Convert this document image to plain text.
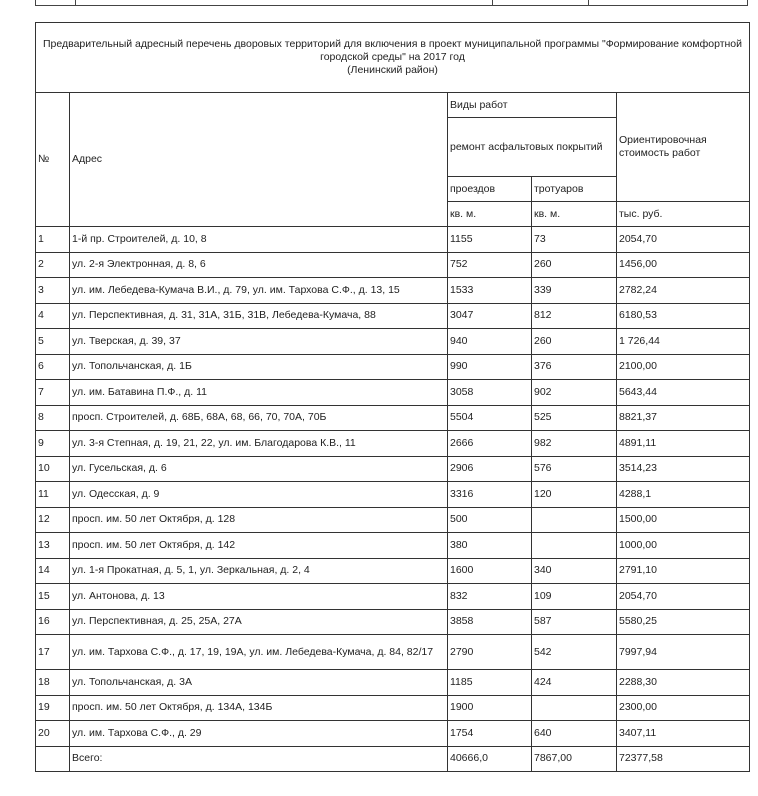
Предварительный адресный перечень дворовых территорий для включения в проект муниципальной программы "Формирование комфортной городской среды" на 2017 год
(Ленинский район)				

№	Адрес	Виды работ		Ориентировочная стоимость работ
		ремонт асфальтовых покрытий		
		проездов	тротуаров	
		кв. м.	кв. м.	тыс. руб.
1	1-й пр. Строителей, д. 10, 8	1155	73	2054,70
2	ул. 2-я Электронная, д. 8, 6	752	260	1456,00
3	ул. им. Лебедева-Кумача В.И., д. 79, ул. им. Тархова С.Ф., д. 13, 15	1533	339	2782,24
4	ул. Перспективная, д. 31, 31А, 31Б, 31В, Лебедева-Кумача, 88	3047	812	6180,53
5	ул. Тверская, д. 39, 37	940	260	1 726,44
6	ул. Топольчанская, д. 1Б	990	376	2100,00
7	ул. им. Батавина П.Ф., д. 11	3058	902	5643,44
8	просп. Строителей, д. 68Б, 68А, 68, 66, 70, 70А, 70Б	5504	525	8821,37
9	ул. 3-я Степная, д. 19, 21, 22, ул. им. Благодарова К.В., 11	2666	982	4891,11
10	ул. Гусельская, д. 6	2906	576	3514,23
11	ул. Одесская, д. 9	3316	120	4288,1
12	просп. им. 50 лет Октября, д. 128	500		1500,00
13	просп. им. 50 лет Октября, д. 142	380		1000,00
14	ул. 1-я Прокатная, д. 5, 1, ул. Зеркальная, д. 2, 4	1600	340	2791,10
15	ул. Антонова, д. 13	832	109	2054,70
16	ул. Перспективная, д. 25, 25А, 27А	3858	587	5580,25
17	ул. им. Тархова С.Ф., д. 17, 19, 19А, ул. им. Лебедева-Кумача, д. 84, 82/17	2790	542	7997,94
18	ул. Топольчанская, д. 3А	1185	424	2288,30
19	просп. им. 50 лет Октября, д. 134А, 134Б	1900		2300,00
20	ул. им. Тархова С.Ф., д. 29	1754	640	3407,11
	Всего:	40666,0	7867,00	72377,58
